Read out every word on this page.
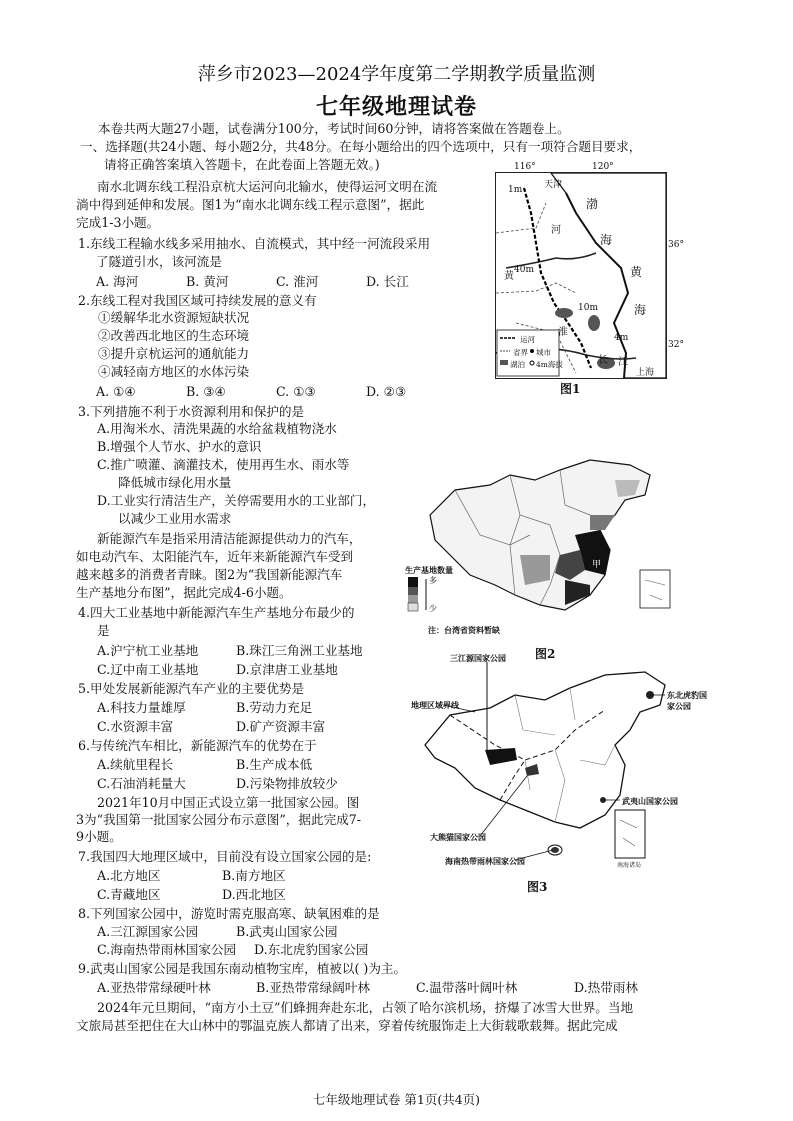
萍乡市2023—2024学年度第二学期教学质量监测
七年级地理试卷
本卷共两大题27小题，试卷满分100分，考试时间60分钟，请将答案做在答题卷上。
一、选择题(共24小题、每小题2分，共48分。在每小题给出的四个选项中，只有一项符合题目要求，
请将正确答案填入答题卡，在此卷面上答题无效。)
南水北调东线工程沿京杭大运河向北输水，使得运河文明在流
淌中得到延伸和发展。图1为“南水北调东线工程示意图”，据此
完成1-3小题。
1.东线工程输水线多采用抽水、自流模式，其中经一河流段采用
了隧道引水，该河流是
A. 海河	B. 黄河	C. 淮河	D. 长江
2.东线工程对我国区域可持续发展的意义有
①缓解华北水资源短缺状况
②改善西北地区的生态环境
③提升京杭运河的通航能力
④减轻南方地区的水体污染
A. ①④	B. ③④	C. ①③	D. ②③
3.下列措施不利于水资源利用和保护的是
A.用淘米水、清洗果蔬的水给盆栽植物浇水
B.增强个人节水、护水的意识
C.推广喷灌、滴灌技术，使用再生水、雨水等
降低城市绿化用水量
D.工业实行清洁生产，关停需要用水的工业部门，
以减少工业用水需求
新能源汽车是指采用清洁能源提供动力的汽车，
如电动汽车、太阳能汽车，近年来新能源汽车受到
越来越多的消费者青睐。图2为“我国新能源汽车
生产基地分布图”，据此完成4-6小题。
4.四大工业基地中新能源汽车生产基地分布最少的
是
A.沪宁杭工业基地	B.珠江三角洲工业基地
C.辽中南工业基地	D.京津唐工业基地
5.甲处发展新能源汽车产业的主要优势是
A.科技力量雄厚	B.劳动力充足
C.水资源丰富	D.矿产资源丰富
6.与传统汽车相比，新能源汽车的优势在于
A.续航里程长	B.生产成本低
C.石油消耗量大	D.污染物排放较少
2021年10月中国正式设立第一批国家公园。图
3为“我国第一批国家公园分布示意图”，据此完成7-
9小题。
7.我国四大地理区域中，目前没有设立国家公园的是:
A.北方地区	B.南方地区
C.青藏地区	D.西北地区
8.下列国家公园中，游览时需克服高寒、缺氧困难的是
A.三江源国家公园	B.武夷山国家公园
C.海南热带雨林国家公园 D.东北虎豹国家公园
9.武夷山国家公园是我国东南动植物宝库，植被以( )为主。
A.亚热带常绿硬叶林	B.亚热带常绿阔叶林	C.温带落叶阔叶林	D.热带雨林
2024年元旦期间，“南方小土豆”们蜂拥奔赴东北，占领了哈尔滨机场，挤爆了冰雪大世界。当地
文旅局甚至把住在大山林中的鄂温克族人都请了出来，穿着传统服饰走上大街载歌载舞。据此完成
116°	120°
天津
1m
渤
海
河
黄
40m	黄
海
10m
淮	4m
长 江
上海
运河
省界 城市
湖泊 4m海拔
36°
32°
图1
生产基地数量
多
少
甲
注：台湾省资料暂缺
图2
三江源国家公园
地理区域界线
东北虎豹国家公园
武夷山国家公园
大熊猫国家公园
海南热带雨林国家公园	南海诸岛
图3
七年级地理试卷 第1页(共4页)
